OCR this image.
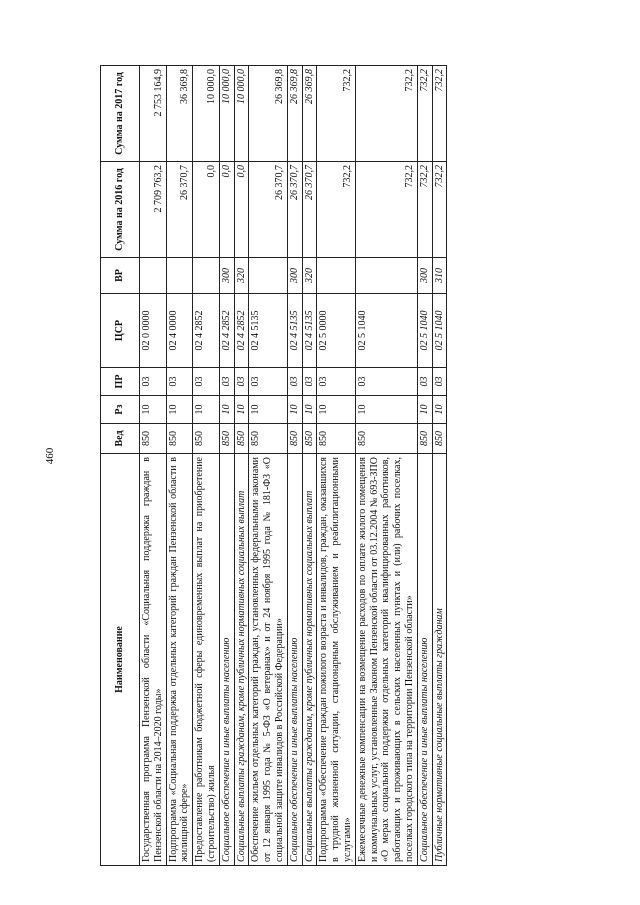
460
Наименование	Вед	Рз	ПР	ЦСР	ВР	Сумма на 2016 год	Сумма на 2017 год
Государственная программа Пензенской области «Социальная поддержка граждан в Пензенской области на 2014–2020 годы»	850	10	03	02 0 0000		2 709 763,2	2 753 164,9
Подпрограмма «Социальная поддержка отдельных категорий граждан Пензенской области в жилищной сфере»	850	10	03	02 4 0000		26 370,7	36 369,8
Предоставление работникам бюджетной сферы единовременных выплат на приобретение (строительство) жилья	850	10	03	02 4 2852		0,0	10 000,0
Социальное обеспечение и иные выплаты населению	850	10	03	02 4 2852	300	0,0	10 000,0
Социальные выплаты гражданам, кроме публичных нормативных социальных выплат	850	10	03	02 4 2852	320	0,0	10 000,0
Обеспечение жильем отдельных категорий граждан, установленных федеральными законами от 12 января 1995 года № 5-ФЗ «О ветеранах» и от 24 ноября 1995 года № 181-ФЗ «О социальной защите инвалидов в Российской Федерации»	850	10	03	02 4 5135		26 370,7	26 369,8
Социальное обеспечение и иные выплаты населению	850	10	03	02 4 5135	300	26 370,7	26 369,8
Социальные выплаты гражданам, кроме публичных нормативных социальных выплат	850	10	03	02 4 5135	320	26 370,7	26 369,8
Подпрограмма «Обеспечение граждан пожилого возраста и инвалидов, граждан, оказавшихся в трудной жизненной ситуации, стационарным обслуживанием и реабилитационными услугами»	850	10	03	02 5 0000		732,2	732,2
Ежемесячные денежные компенсации на возмещение расходов по оплате жилого помещения и коммунальных услуг, установленные Законом Пензенской области от 03.12.2004 № 693-ЗПО «О мерах социальной поддержки отдельных категорий квалифицированных работников, работающих и проживающих в сельских населенных пунктах и (или) рабочих поселках, поселках городского типа на территории Пензенской области»	850	10	03	02 5 1040		732,2	732,2
Социальное обеспечение и иные выплаты населению	850	10	03	02 5 1040	300	732,2	732,2
Публичные нормативные социальные выплаты гражданам	850	10	03	02 5 1040	310	732,2	732,2
